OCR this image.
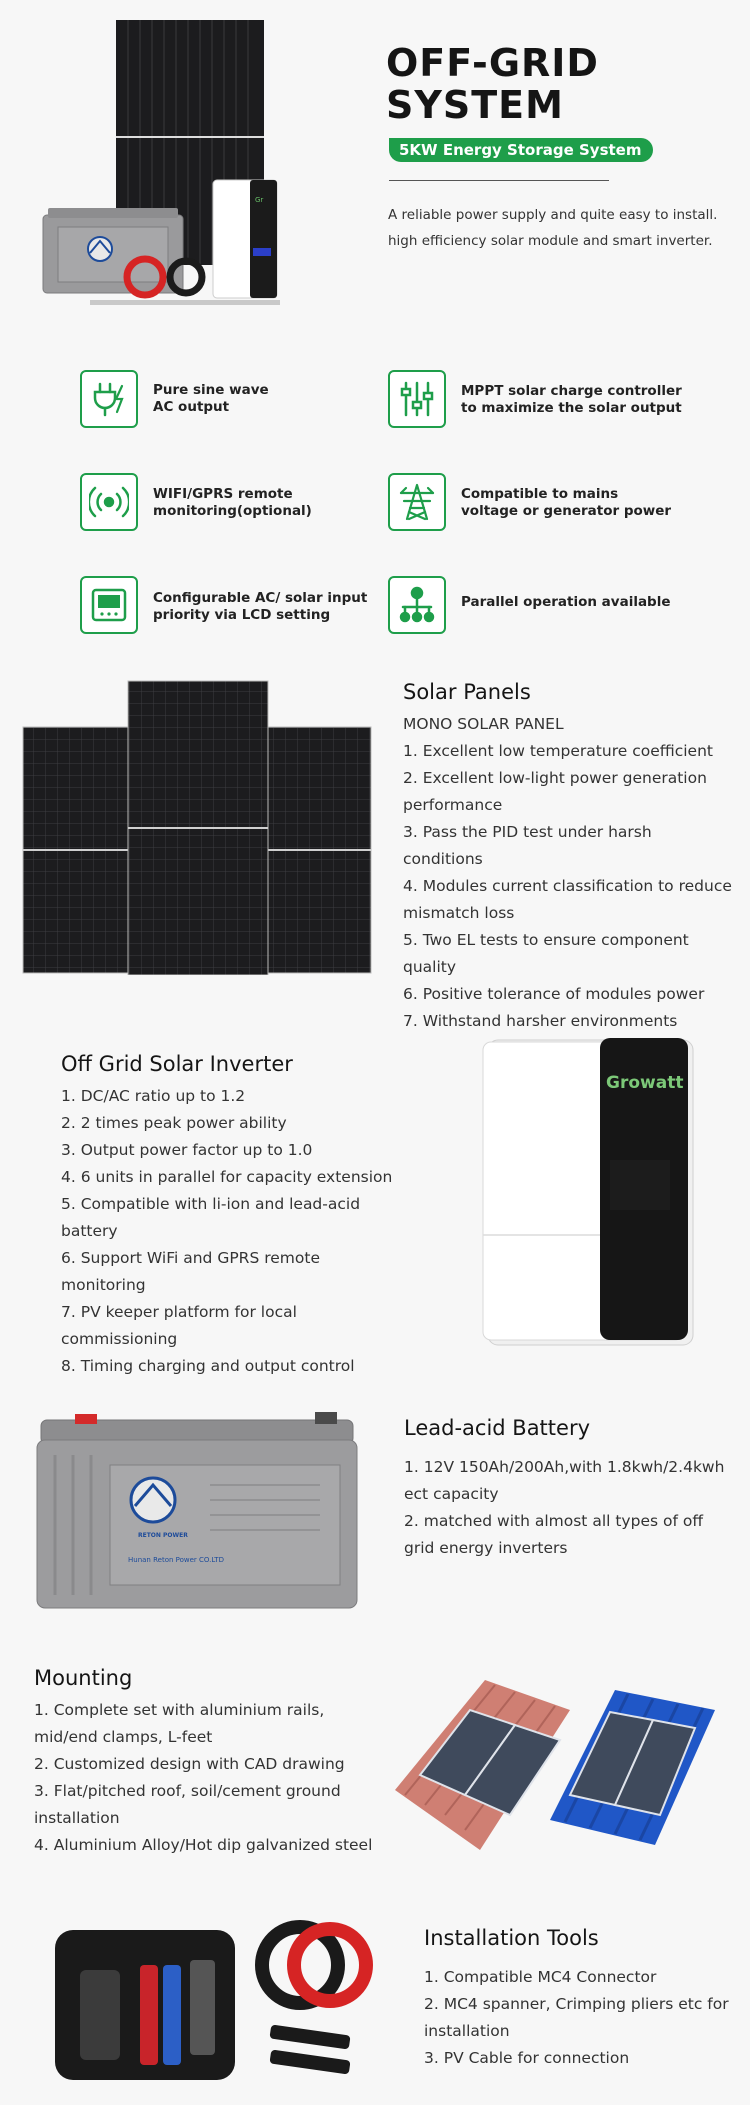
Gr
OFF-GRID SYSTEM
5KW Energy Storage System
A reliable power supply and quite easy to install.
high efficiency solar module and smart inverter.
Pure sine wave
AC output
MPPT solar charge controller
to maximize the solar output
WIFI/GPRS remote
monitoring(optional)
Compatible to mains
voltage or generator power
Configurable AC/ solar input
priority via LCD setting
Parallel operation available
Solar Panels
MONO SOLAR PANEL
1. Excellent low temperature coefficient
2. Excellent low-light power generation performance
3. Pass the PID test under harsh conditions
4. Modules current classification to reduce mismatch loss
5. Two EL tests to ensure component quality
6. Positive tolerance of modules power
7. Withstand harsher environments
Off Grid Solar Inverter
1. DC/AC ratio up to 1.2
2. 2 times peak power ability
3. Output power factor up to 1.0
4. 6 units in parallel for capacity extension
5. Compatible with li-ion and lead-acid battery
6. Support WiFi and GPRS remote monitoring
7. PV keeper platform for local commissioning
8. Timing charging and output control
Growatt
RETON POWER
Hunan Reton Power CO.LTD
Lead-acid Battery
1. 12V 150Ah/200Ah,with 1.8kwh/2.4kwh ect capacity
2. matched with almost all types of off grid energy inverters
Mounting
1. Complete set with aluminium rails, mid/end clamps, L-feet
2. Customized design with CAD drawing
3. Flat/pitched roof, soil/cement ground installation
4. Aluminium Alloy/Hot dip galvanized steel
Installation Tools
1. Compatible MC4 Connector
2. MC4 spanner, Crimping pliers etc for installation
3. PV Cable for connection
